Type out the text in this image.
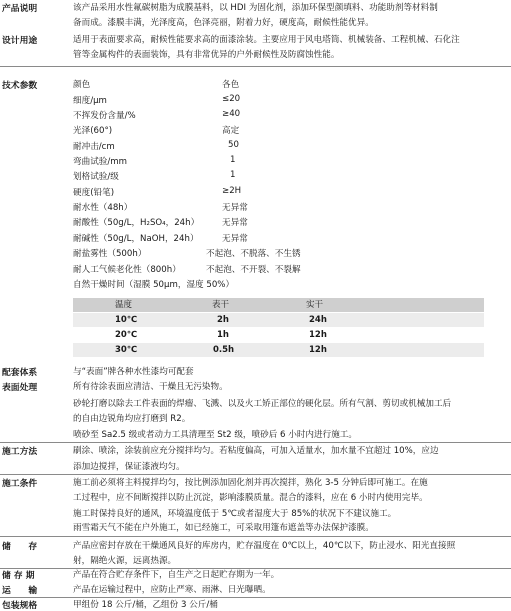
产品说明	该产品采用水性氟碳树脂为成膜基料，以 HDI 为固化剂，添加环保型颜填料、功能助剂等材料制
备而成。漆膜丰满，光泽度高，色泽亮丽，附着力好，硬度高，耐候性能优异。
设计用途	适用于表面要求高，耐候性能要求高的面漆涂装。主要应用于风电塔筒、机械装备、工程机械、石化注
管等金属构件的表面装饰，具有非常优异的户外耐候性及防腐蚀性能。
技术参数	颜色	各色
细度/μm	≤20
不挥发份含量/%	≥40
光泽(60°)	高定
耐冲击/cm	50
弯曲试验/mm	1
划格试验/级	1
硬度(铅笔)	≥2H
耐水性（48h）	无异常
耐酸性（50g/L，H₂SO₄，24h）	无异常
耐碱性（50g/L，NaOH，24h）	无异常
耐盐雾性（500h）	不起泡、不脱落、不生锈
耐人工气候老化性（800h）	不起泡、不开裂、不裂解
自然干燥时间（湿膜 50μm，湿度 50%）
温度	表干	实干
10℃	2h	24h
20℃	1h	12h
30℃	0.5h	12h
配套体系	与“表面”牌各种水性漆均可配套
表面处理	所有待涂表面应清洁、干燥且无污染物。
砂轮打磨以除去工件表面的焊瘤、飞溅、以及火工矫正部位的硬化层。所有气割、剪切或机械加工后
的自由边锐角均应打磨到 R2。
喷砂至 Sa2.5 级或者动力工具清理至 St2 级，喷砂后 6 小时内进行施工。
施工方法	刷涂、喷涂，涂装前应充分搅拌均匀。若粘度偏高，可加入适量水，加水量不宜超过 10%，应边
添加边搅拌，保证漆液均匀。
施工条件	施工前必须将主料搅拌均匀，按比例添加固化剂并再次搅拌，熟化 3-5 分钟后即可施工。在施
工过程中，应不间断搅拌以防止沉淀，影响漆膜质量。混合的漆料，应在 6 小时内使用完毕。
施工时保持良好的通风，环境温度低于 5℃或者湿度大于 85%的状况下不建议施工。
雨雪霜天气不能在户外施工，如已经施工，可采取用篷布遮盖等办法保护漆膜。
储　　存	产品应密封存放在干燥通风良好的库房内，贮存温度在 0℃以上，40℃以下，防止浸水、阳光直接照
射，隔绝火源，远离热源。
储 存 期	产品在符合贮存条件下，自生产之日起贮存期为一年。
运　　输	产品在运输过程中，应防止严寒、雨淋、日光曝晒。
包装规格	甲组份 18 公斤/桶，乙组份 3 公斤/桶
